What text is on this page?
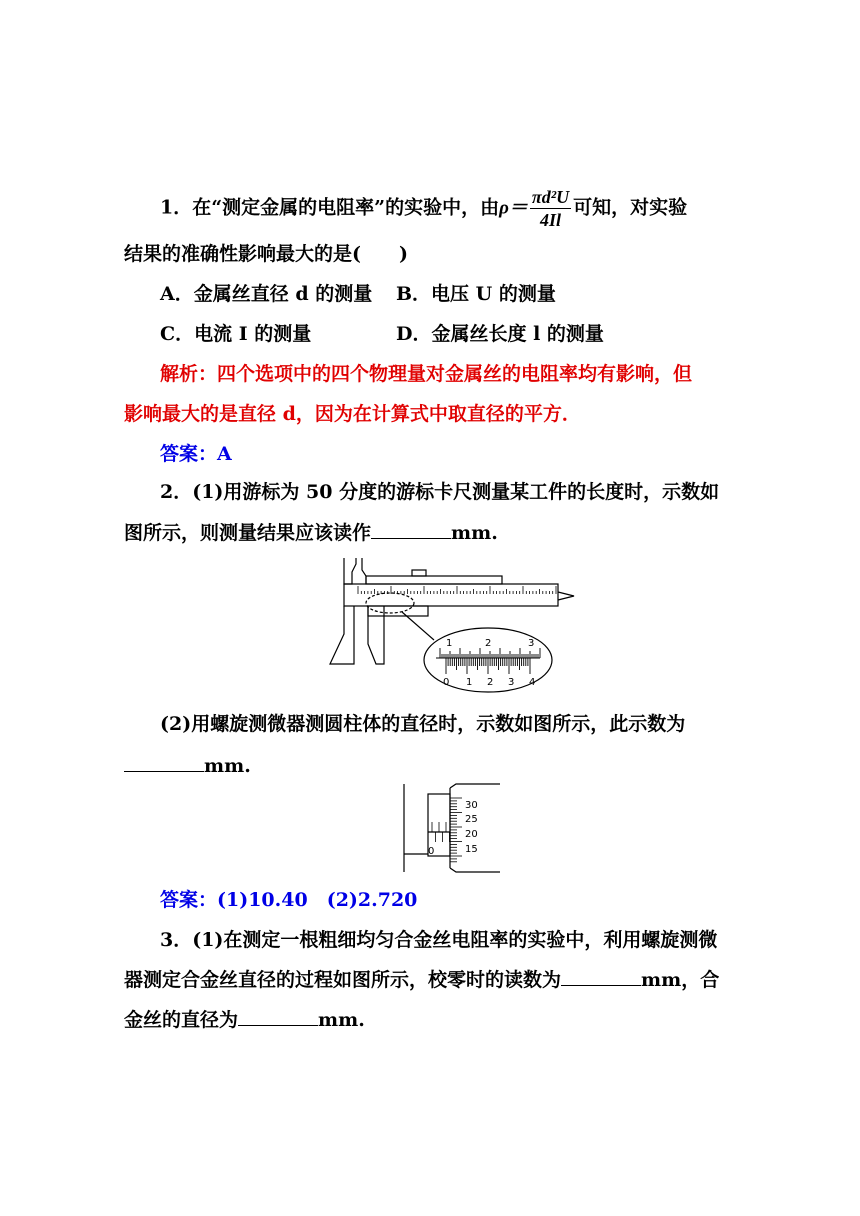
1．在“测定金属的电阻率”的实验中，由$\rho= \frac{\text{πd²U}}{4Il}$ 可知，对实验
结果的准确性影响最大的是(　　)
A．金属丝直径 d 的测量 B．电压 U 的测量
C．电流 I 的测量	D．金属丝长度 l 的测量
解析：四个选项中的四个物理量对金属丝的电阻率均有影响，但
影响最大的是直径 d，因为在计算式中取直径的平方．
答案：A
2．(1)用游标为 50 分度的游标卡尺测量某工件的长度时，示数如
图所示，则测量结果应该读作	mm.
1	2	3
0 1 2 3 4
(2)用螺旋测微器测圆柱体的直径时，示数如图所示，此示数为
mm.
30
25
20
15
0
答案：(1)10.40　(2)2.720
3．(1)在测定一根粗细均匀合金丝电阻率的实验中，利用螺旋测微
器测定合金丝直径的过程如图所示，校零时的读数为	mm，合
金丝的直径为	mm.
